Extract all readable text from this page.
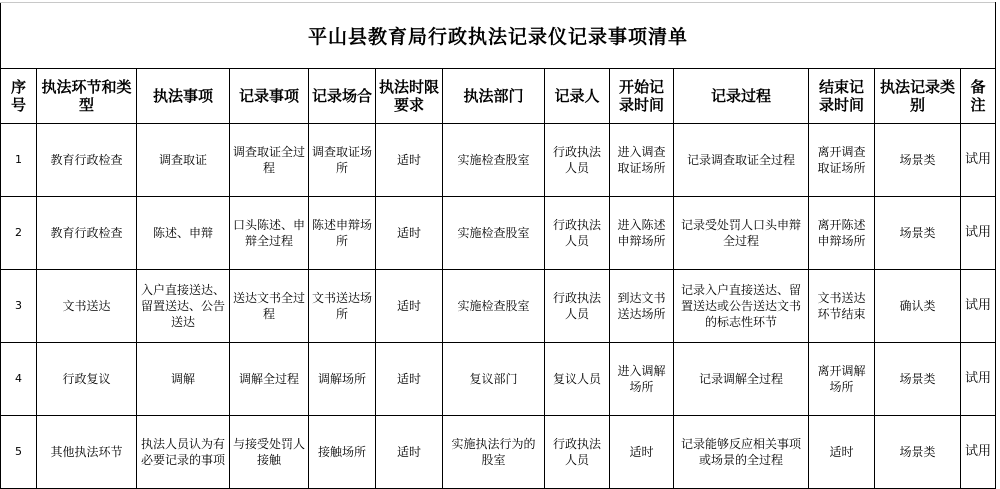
平山县教育局行政执法记录仪记录事项清单												
序号	执法环节和类型	执法事项	记录事项	记录场合	执法时限要求	执法部门	记录人	开始记录时间	记录过程	结束记录时间	执法记录类别	备注
1	教育行政检查	调查取证	调查取证全过程	调查取证场所	适时	实施检查股室	行政执法人员	进入调查取证场所	记录调查取证全过程	离开调查取证场所	场景类	试用
2	教育行政检查	陈述、申辩	口头陈述、申辩全过程	陈述申辩场所	适时	实施检查股室	行政执法人员	进入陈述申辩场所	记录受处罚人口头申辩全过程	离开陈述申辩场所	场景类	试用
3	文书送达	入户直接送达、留置送达、公告送达	送达文书全过程	文书送达场所	适时	实施检查股室	行政执法人员	到达文书送达场所	记录入户直接送达、留置送达或公告送达文书的标志性环节	文书送达环节结束	确认类	试用
4	行政复议	调解	调解全过程	调解场所	适时	复议部门	复议人员	进入调解场所	记录调解全过程	离开调解场所	场景类	试用
5	其他执法环节	执法人员认为有必要记录的事项	与接受处罚人接触	接触场所	适时	实施执法行为的股室	行政执法人员	适时	记录能够反应相关事项或场景的全过程	适时	场景类	试用
